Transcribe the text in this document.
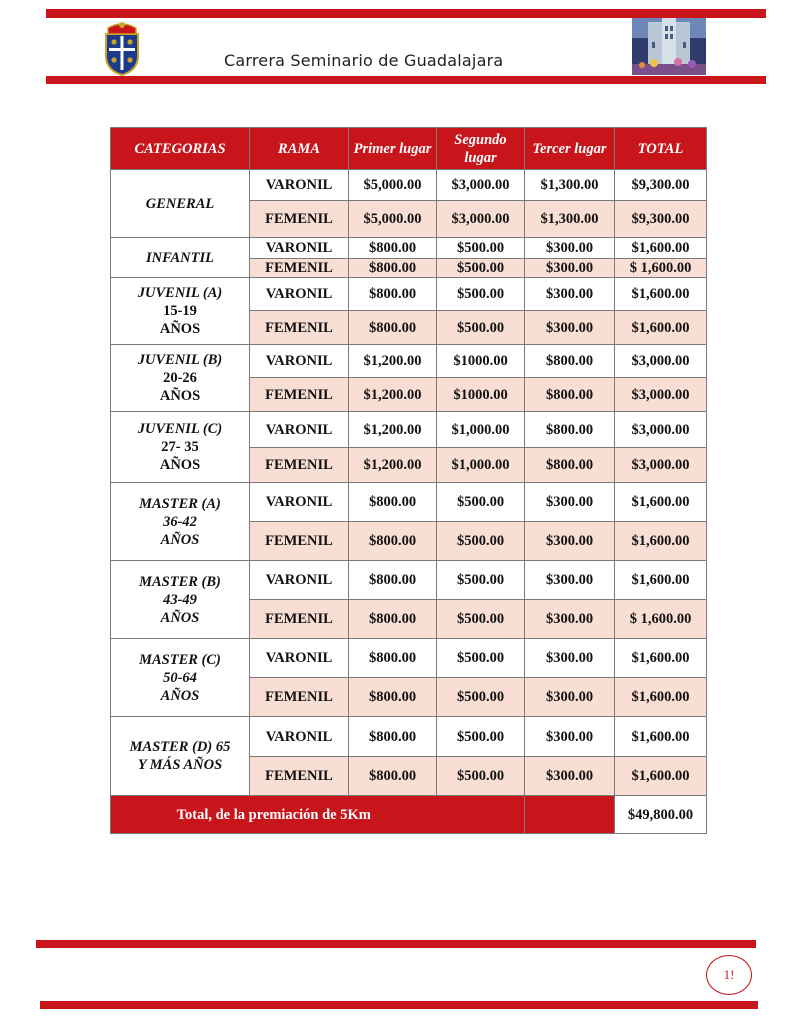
Carrera Seminario de Guadalajara
CATEGORIAS	RAMA	Primer lugar	Segundo lugar	Tercer lugar	TOTAL

GENERAL	VARONIL	$5,000.00	$3,000.00	$1,300.00	$9,300.00
	FEMENIL	$5,000.00	$3,000.00	$1,300.00	$9,300.00

INFANTIL	VARONIL	$800.00	$500.00	$300.00	$1,600.00
	FEMENIL	$800.00	$500.00	$300.00	$ 1,600.00

JUVENIL (A)
15-19
AÑOS	VARONIL	$800.00	$500.00	$300.00	$1,600.00
	FEMENIL	$800.00	$500.00	$300.00	$1,600.00

JUVENIL (B)
20-26
AÑOS	VARONIL	$1,200.00	$1000.00	$800.00	$3,000.00
	FEMENIL	$1,200.00	$1000.00	$800.00	$3,000.00

JUVENIL (C)
27- 35
AÑOS	VARONIL	$1,200.00	$1,000.00	$800.00	$3,000.00
	FEMENIL	$1,200.00	$1,000.00	$800.00	$3,000.00

MASTER (A)
36-42
AÑOS	VARONIL	$800.00	$500.00	$300.00	$1,600.00
	FEMENIL	$800.00	$500.00	$300.00	$1,600.00

MASTER (B)
43-49
AÑOS	VARONIL	$800.00	$500.00	$300.00	$1,600.00
	FEMENIL	$800.00	$500.00	$300.00	$ 1,600.00

MASTER (C)
50-64
AÑOS	VARONIL	$800.00	$500.00	$300.00	$1,600.00
	FEMENIL	$800.00	$500.00	$300.00	$1,600.00

MASTER (D) 65
Y MÁS AÑOS	VARONIL	$800.00	$500.00	$300.00	$1,600.00
	FEMENIL	$800.00	$500.00	$300.00	$1,600.00
Total, de la premiación de 5Km					$49,800.00
1!
